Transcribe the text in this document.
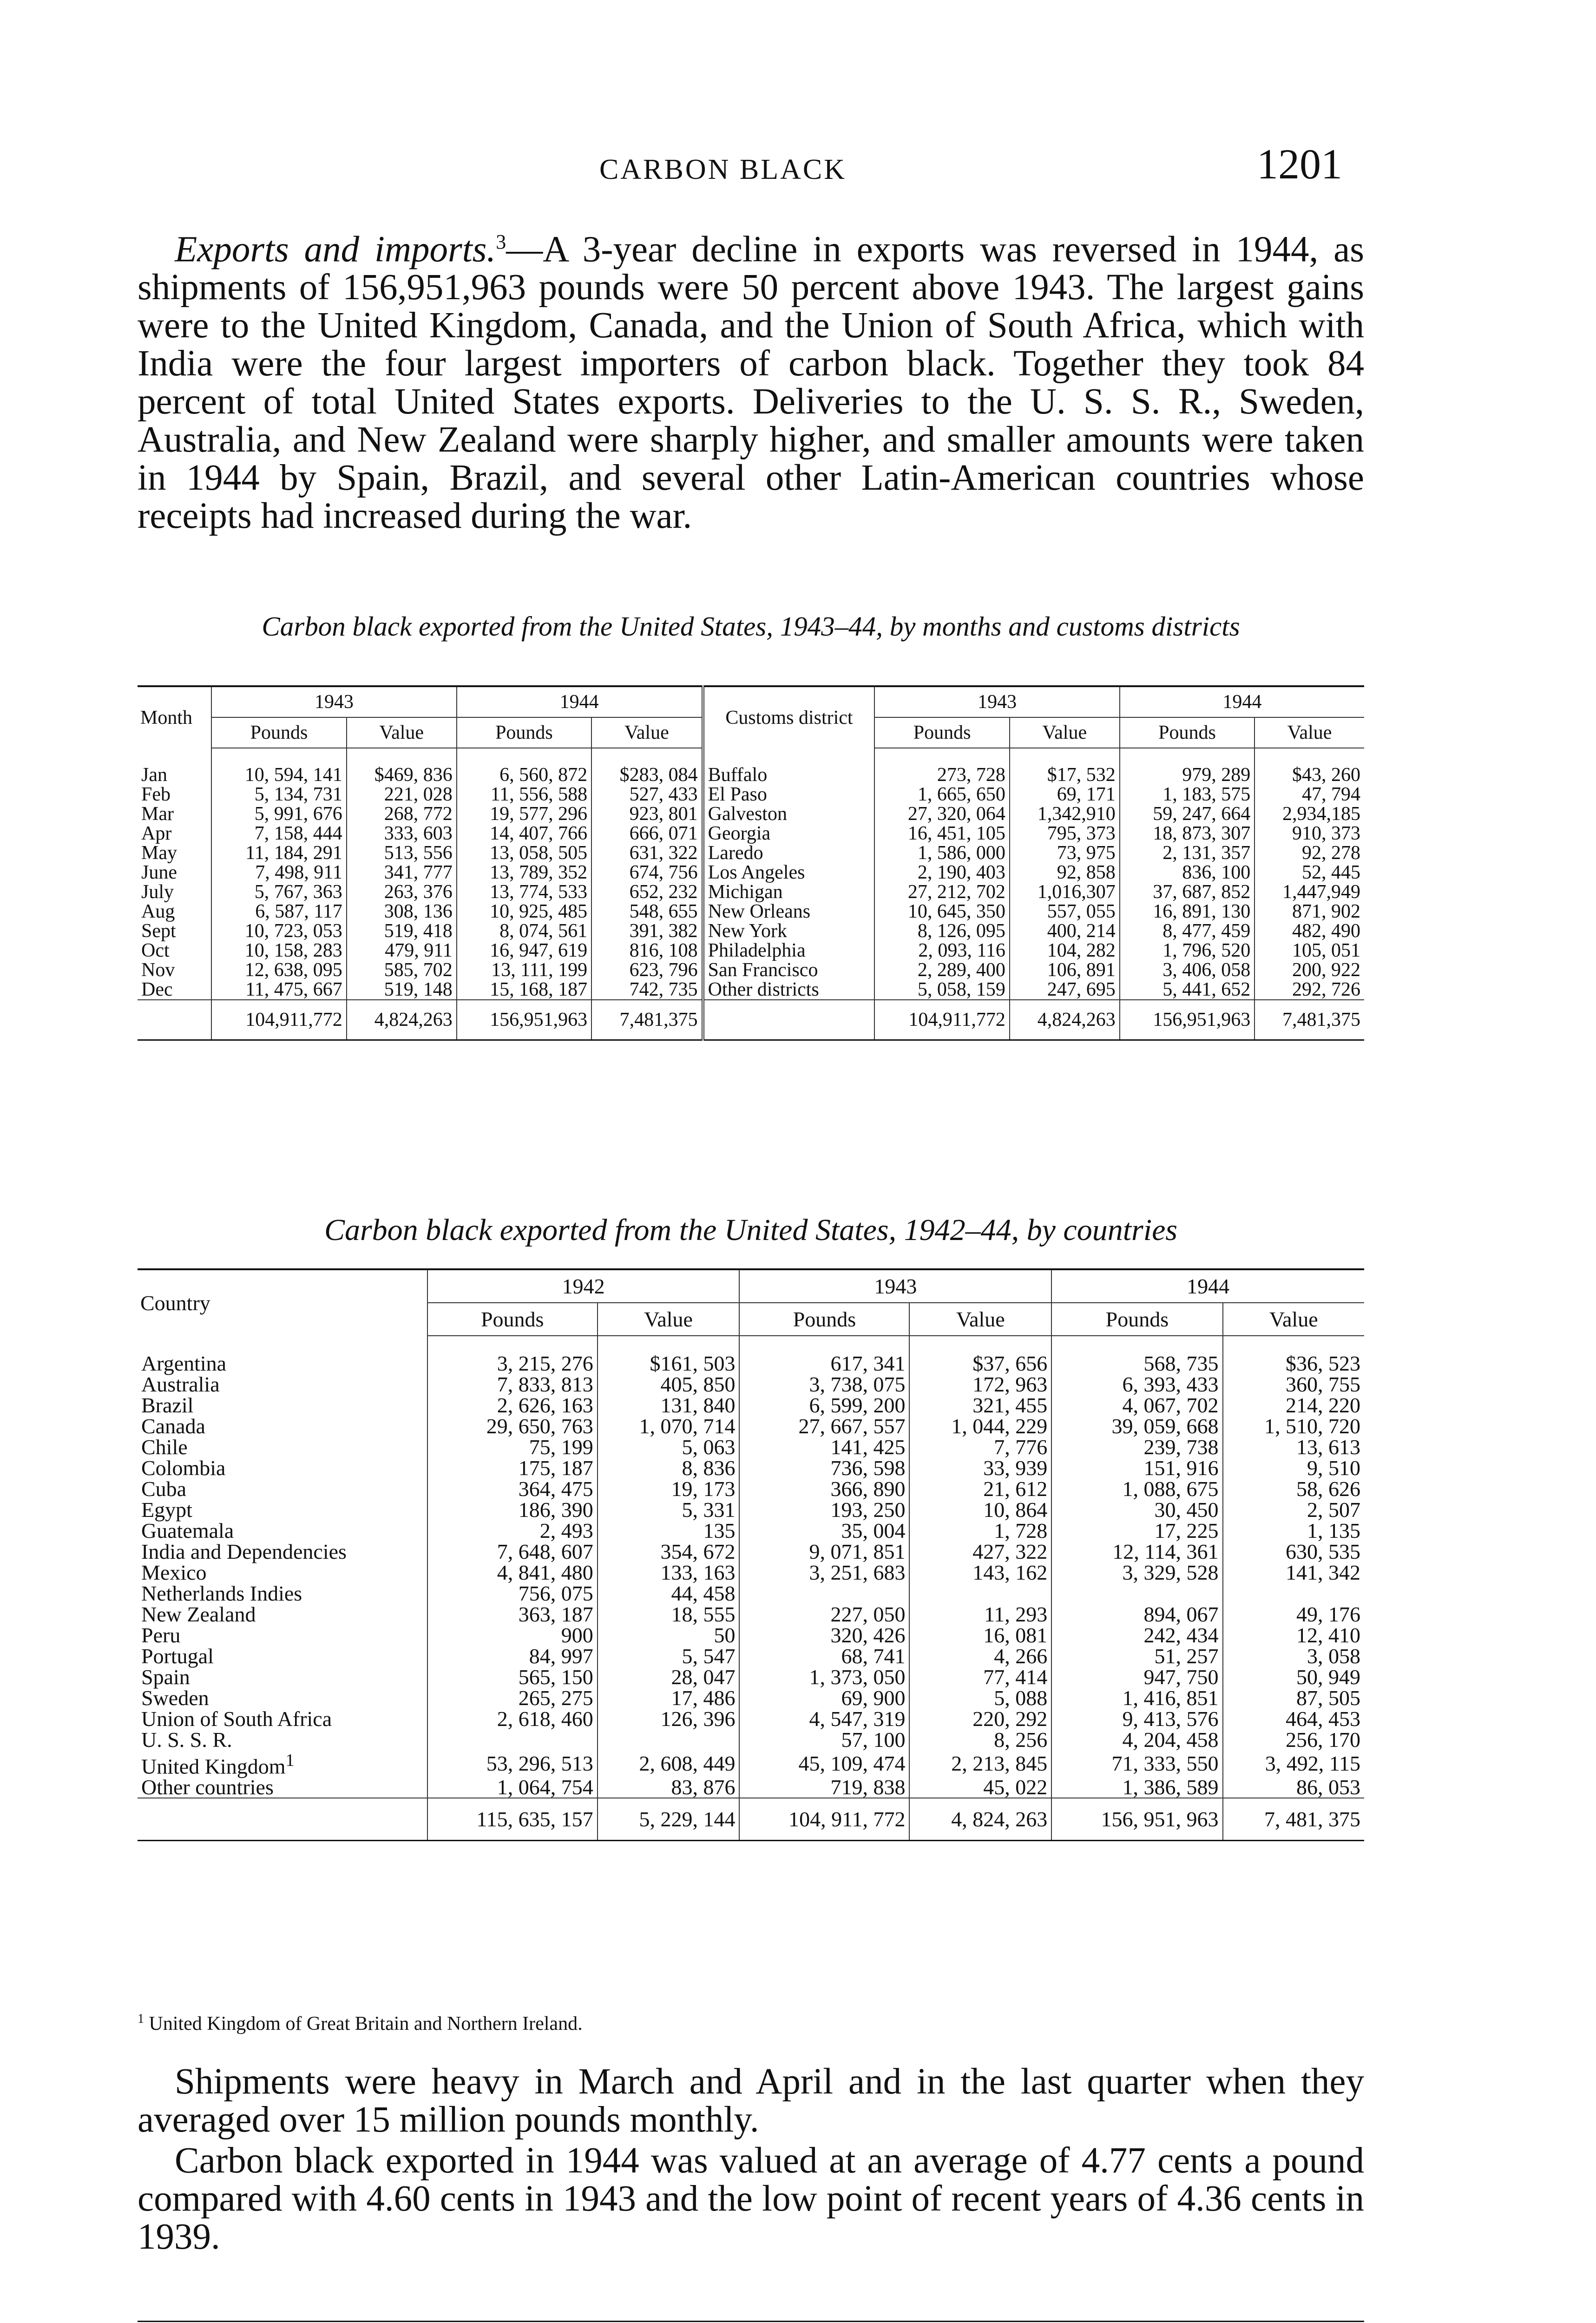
CARBON BLACK	1201

Exports and imports.$^3$—A 3-year decline in exports was reversed in 1944, as shipments of 156,951,963 pounds were 50 percent above 1943. The largest gains were to the United Kingdom, Canada, and the Union of South Africa, which with India were the four largest importers of carbon black. Together they took 84 percent of total United States exports. Deliveries to the U. S. S. R., Sweden, Australia, and New Zealand were sharply higher, and smaller amounts were taken in 1944 by Spain, Brazil, and several other Latin-American countries whose receipts had increased during the war.

Carbon black exported from the United States, 1943–44, by months and customs districts
Month	1943		1944		Customs district	1943		1944	
	Pounds	Value	Pounds	Value		Pounds	Value	Pounds	Value
Jan	10, 594, 141	$469, 836	6, 560, 872	$283, 084	Buffalo	273, 728	$17, 532	979, 289	$43, 260
Feb	5, 134, 731	221, 028	11, 556, 588	527, 433	El Paso	1, 665, 650	69, 171	1, 183, 575	47, 794
Mar	5, 991, 676	268, 772	19, 577, 296	923, 801	Galveston	27, 320, 064	1,342,910	59, 247, 664	2,934,185
Apr	7, 158, 444	333, 603	14, 407, 766	666, 071	Georgia	16, 451, 105	795, 373	18, 873, 307	910, 373
May	11, 184, 291	513, 556	13, 058, 505	631, 322	Laredo	1, 586, 000	73, 975	2, 131, 357	92, 278
June	7, 498, 911	341, 777	13, 789, 352	674, 756	Los Angeles	2, 190, 403	92, 858	836, 100	52, 445
July	5, 767, 363	263, 376	13, 774, 533	652, 232	Michigan	27, 212, 702	1,016,307	37, 687, 852	1,447,949
Aug	6, 587, 117	308, 136	10, 925, 485	548, 655	New Orleans	10, 645, 350	557, 055	16, 891, 130	871, 902
Sept	10, 723, 053	519, 418	8, 074, 561	391, 382	New York	8, 126, 095	400, 214	8, 477, 459	482, 490
Oct	10, 158, 283	479, 911	16, 947, 619	816, 108	Philadelphia	2, 093, 116	104, 282	1, 796, 520	105, 051
Nov	12, 638, 095	585, 702	13, 111, 199	623, 796	San Francisco	2, 289, 400	106, 891	3, 406, 058	200, 922
Dec	11, 475, 667	519, 148	15, 168, 187	742, 735	Other districts	5, 058, 159	247, 695	5, 441, 652	292, 726
	104,911,772	4,824,263	156,951,963	7,481,375		104,911,772	4,824,263	156,951,963	7,481,375
Carbon black exported from the United States, 1942–44, by countries
Country	1942		1943		1944	
	Pounds	Value	Pounds	Value	Pounds	Value
Argentina	3, 215, 276	$161, 503	617, 341	$37, 656	568, 735	$36, 523
Australia	7, 833, 813	405, 850	3, 738, 075	172, 963	6, 393, 433	360, 755
Brazil	2, 626, 163	131, 840	6, 599, 200	321, 455	4, 067, 702	214, 220
Canada	29, 650, 763	1, 070, 714	27, 667, 557	1, 044, 229	39, 059, 668	1, 510, 720
Chile	75, 199	5, 063	141, 425	7, 776	239, 738	13, 613
Colombia	175, 187	8, 836	736, 598	33, 939	151, 916	9, 510
Cuba	364, 475	19, 173	366, 890	21, 612	1, 088, 675	58, 626
Egypt	186, 390	5, 331	193, 250	10, 864	30, 450	2, 507
Guatemala	2, 493	135	35, 004	1, 728	17, 225	1, 135
India and Dependencies	7, 648, 607	354, 672	9, 071, 851	427, 322	12, 114, 361	630, 535
Mexico	4, 841, 480	133, 163	3, 251, 683	143, 162	3, 329, 528	141, 342
Netherlands Indies	756, 075	44, 458				
New Zealand	363, 187	18, 555	227, 050	11, 293	894, 067	49, 176
Peru	900	50	320, 426	16, 081	242, 434	12, 410
Portugal	84, 997	5, 547	68, 741	4, 266	51, 257	3, 058
Spain	565, 150	28, 047	1, 373, 050	77, 414	947, 750	50, 949
Sweden	265, 275	17, 486	69, 900	5, 088	1, 416, 851	87, 505
Union of South Africa	2, 618, 460	126, 396	4, 547, 319	220, 292	9, 413, 576	464, 453
U. S. S. R.			57, 100	8, 256	4, 204, 458	256, 170
United Kingdom$^1$	53, 296, 513	2, 608, 449	45, 109, 474	2, 213, 845	71, 333, 550	3, 492, 115
Other countries	1, 064, 754	83, 876	719, 838	45, 022	1, 386, 589	86, 053
	115, 635, 157	5, 229, 144	104, 911, 772	4, 824, 263	156, 951, 963	7, 481, 375
$^1$ United Kingdom of Great Britain and Northern Ireland.

Shipments were heavy in March and April and in the last quarter when they averaged over 15 million pounds monthly.

Carbon black exported in 1944 was valued at an average of 4.77 cents a pound compared with 4.60 cents in 1943 and the low point of recent years of 4.36 cents in 1939.
